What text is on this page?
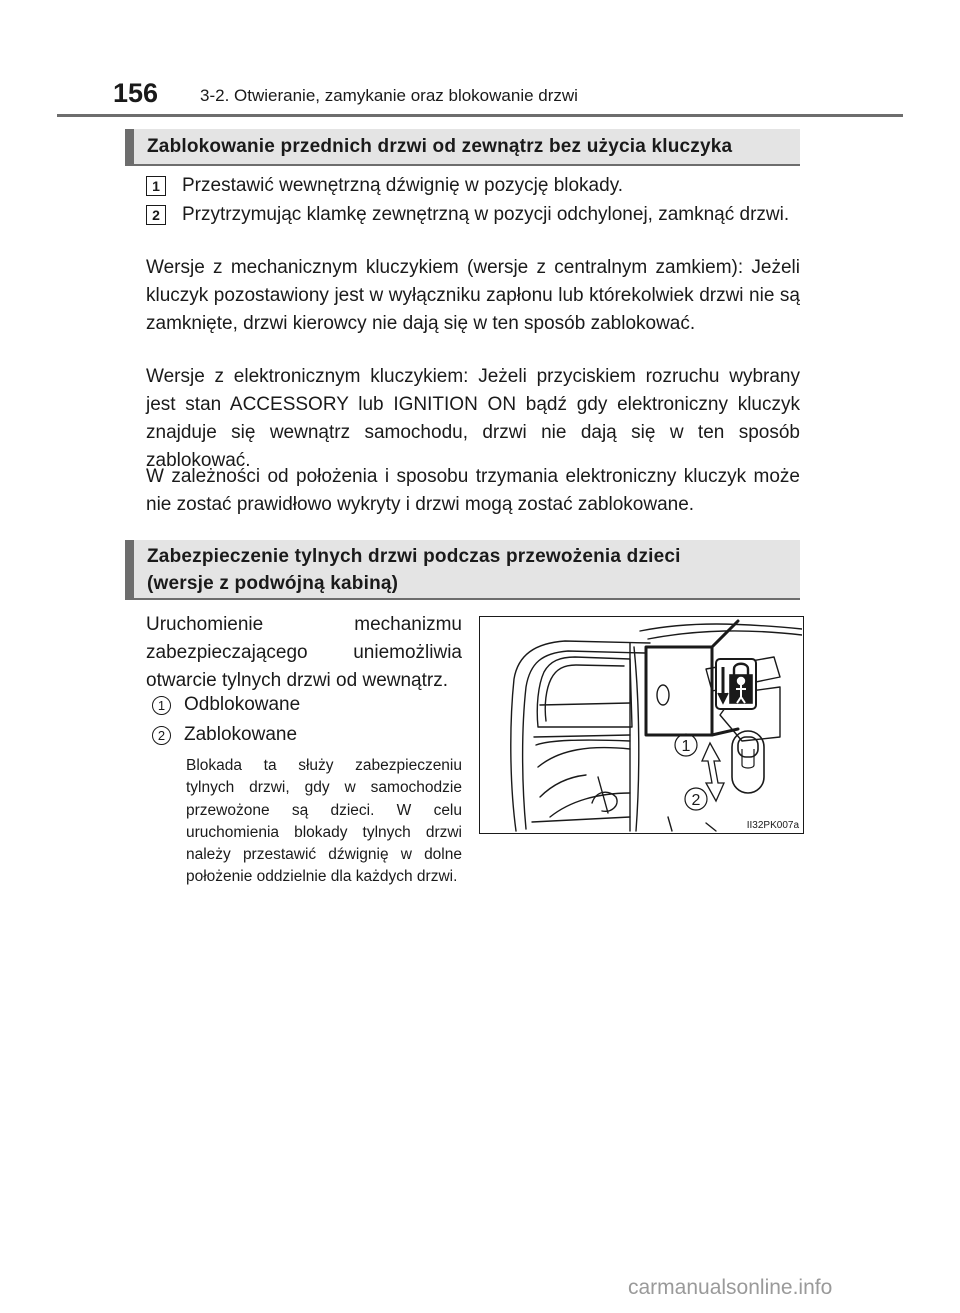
156 3-2. Otwieranie, zamykanie oraz blokowanie drzwi
Zablokowanie przednich drzwi od zewnątrz bez użycia kluczyka
1	Przestawić wewnętrzną dźwignię w pozycję blokady.
2	Przytrzymując klamkę zewnętrzną w pozycji odchylonej, zamknąć drzwi.

Wersje z mechanicznym kluczykiem (wersje z centralnym zamkiem): Jeżeli kluczyk pozostawiony jest w wyłączniku zapłonu lub którekolwiek drzwi nie są zamknięte, drzwi kierowcy nie dają się w ten sposób zablokować.

Wersje z elektronicznym kluczykiem: Jeżeli przyciskiem rozruchu wybrany jest stan ACCESSORY lub IGNITION ON bądź gdy elektroniczny kluczyk znajduje się wewnątrz samochodu, drzwi nie dają się w ten sposób zablokować.

W zależności od położenia i sposobu trzymania elektroniczny kluczyk może nie zostać prawidłowo wykryty i drzwi mogą zostać zablokowane.

Zabezpieczenie tylnych drzwi podczas przewożenia dzieci
(wersje z podwójną kabiną)

Uruchomienie mechanizmu zabezpieczającego uniemożliwia otwarcie tylnych drzwi od wewnątrz.

1 Odblokowane
2 Zablokowane

Blokada ta służy zabezpieczeniu tylnych drzwi, gdy w samochodzie przewożone są dzieci. W celu uruchomienia blokady tylnych drzwi należy przestawić dźwignię w dolne położenie oddzielnie dla każdych drzwi.

1
2
II32PK007a
carmanualsonline.info
